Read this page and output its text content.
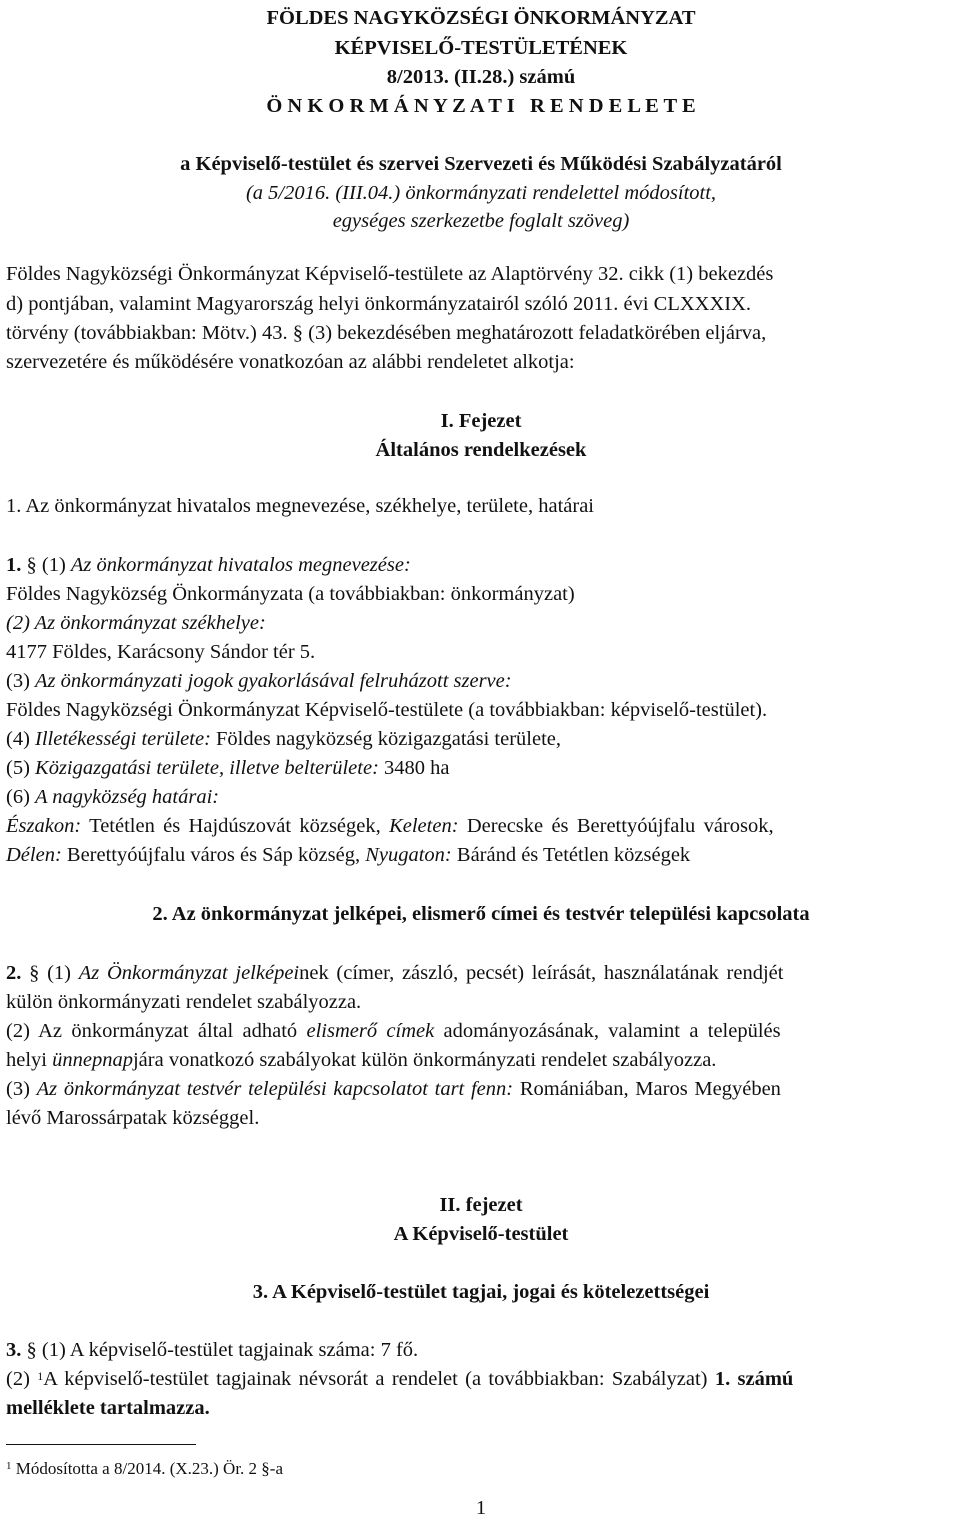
FÖLDES NAGYKÖZSÉGI ÖNKORMÁNYZAT
KÉPVISELŐ-TESTÜLETÉNEK
8/2013. (II.28.) számú
Ö N K O R M Á N Y Z A T I   R E N D E L E T E
a Képviselő-testület és szervei Szervezeti és Működési Szabályzatáról
(a 5/2016. (III.04.) önkormányzati rendelettel módosított,
egységes szerkezetbe foglalt szöveg)
Földes Nagyközségi Önkormányzat Képviselő-testülete az Alaptörvény 32. cikk (1) bekezdés
d) pontjában, valamint Magyarország helyi önkormányzatairól szóló 2011. évi CLXXXIX.
törvény (továbbiakban: Mötv.) 43. § (3) bekezdésében meghatározott feladatkörében eljárva,
szervezetére és működésére vonatkozóan az alábbi rendeletet alkotja:
I. Fejezet
Általános rendelkezések
1. Az önkormányzat hivatalos megnevezése, székhelye, területe, határai
1. § (1) Az önkormányzat hivatalos megnevezése:
Földes Nagyközség Önkormányzata (a továbbiakban: önkormányzat)
(2) Az önkormányzat székhelye:
4177 Földes, Karácsony Sándor tér 5.
(3) Az önkormányzati jogok gyakorlásával felruházott szerve:
Földes Nagyközségi Önkormányzat Képviselő-testülete (a továbbiakban: képviselő-testület).
(4) Illetékességi területe: Földes nagyközség közigazgatási területe,
(5) Közigazgatási területe, illetve belterülete: 3480 ha
(6) A nagyközség határai:
Északon: Tetétlen és Hajdúszovát községek, Keleten: Derecske és Berettyóújfalu városok,
Délen: Berettyóújfalu város és Sáp község, Nyugaton: Báránd és Tetétlen községek
2. Az önkormányzat jelképei, elismerő címei és testvér települési kapcsolata
2. § (1) Az Önkormányzat jelképeinek (címer, zászló, pecsét) leírását, használatának rendjét
külön önkormányzati rendelet szabályozza.
(2) Az önkormányzat által adható elismerő címek adományozásának, valamint a település
helyi ünnepnapjára vonatkozó szabályokat külön önkormányzati rendelet szabályozza.
(3) Az önkormányzat testvér települési kapcsolatot tart fenn: Romániában, Maros Megyében
lévő Marossárpatak községgel.
II. fejezet
A Képviselő-testület
3. A Képviselő-testület tagjai, jogai és kötelezettségei
3. § (1) A képviselő-testület tagjainak száma: 7 fő.
(2) $^1$A képviselő-testület tagjainak névsorát a rendelet (a továbbiakban: Szabályzat) 1. számú
melléklete tartalmazza.
$^1$ Módosította a 8/2014. (X.23.) Ör. 2 §-a
1
